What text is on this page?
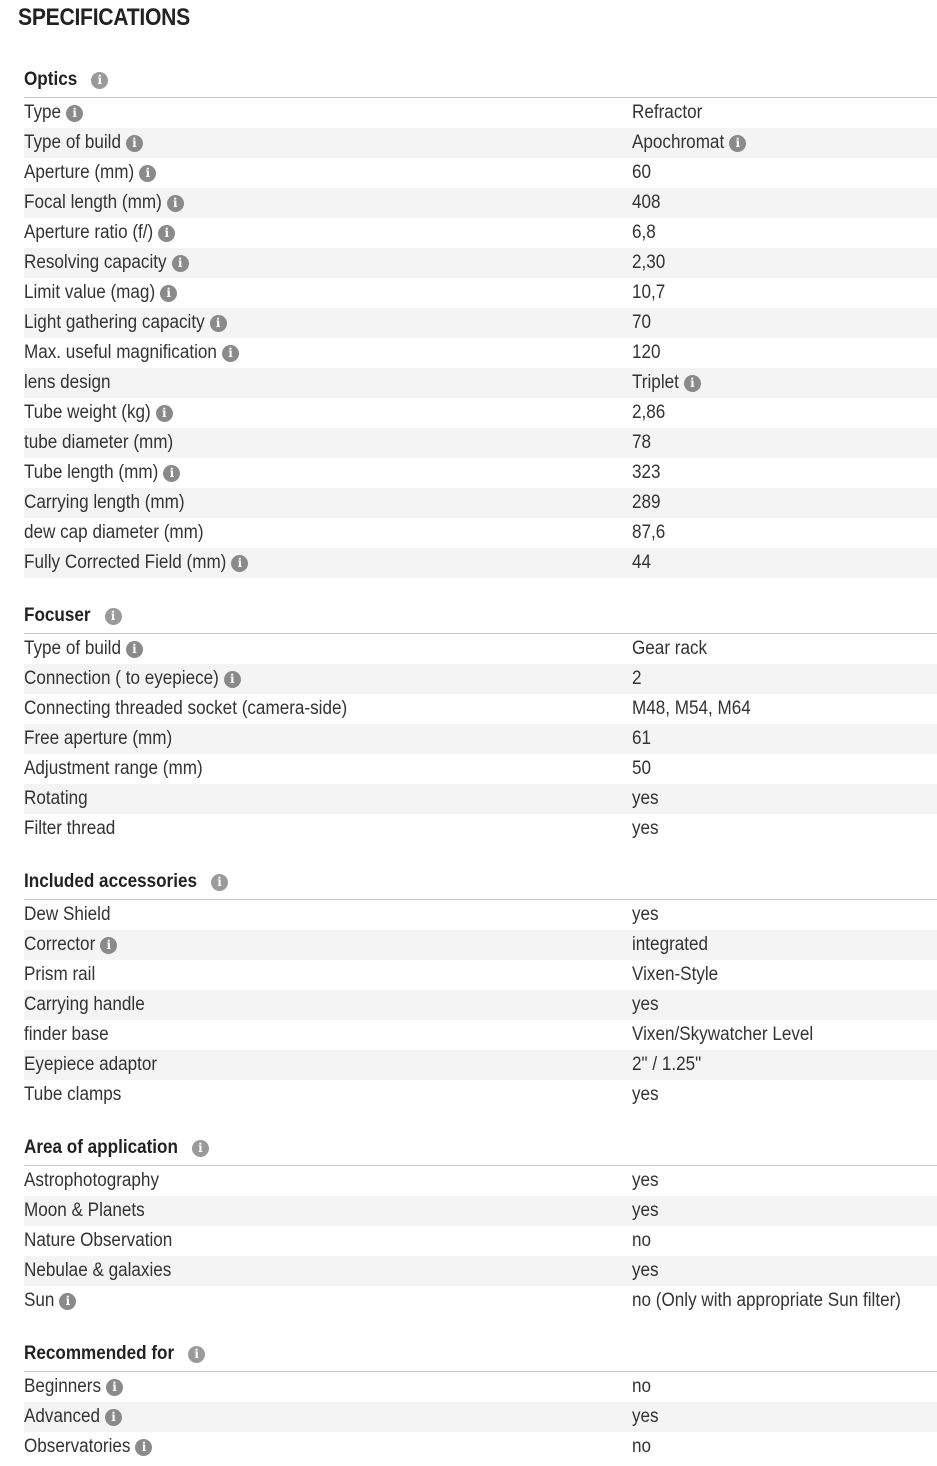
SPECIFICATIONS
Optics	i
Type i	Refractor
Type of build i	Apochromat i
Aperture (mm) i	60
Focal length (mm) i	408
Aperture ratio (f/) i	6,8
Resolving capacity i	2,30
Limit value (mag) i	10,7
Light gathering capacity i	70
Max. useful magnification i	120
lens design	Triplet i
Tube weight (kg) i	2,86
tube diameter (mm)	78
Tube length (mm) i	323
Carrying length (mm)	289
dew cap diameter (mm)	87,6
Fully Corrected Field (mm) i	44
Focuser	i
Type of build i	Gear rack
Connection ( to eyepiece) i	2
Connecting threaded socket (camera-side)	M48, M54, M64
Free aperture (mm)	61
Adjustment range (mm)	50
Rotating	yes
Filter thread	yes
Included accessories	i
Dew Shield	yes
Corrector i	integrated
Prism rail	Vixen-Style
Carrying handle	yes
finder base	Vixen/Skywatcher Level
Eyepiece adaptor	2" / 1.25"
Tube clamps	yes
Area of application	i
Astrophotography	yes
Moon & Planets	yes
Nature Observation	no
Nebulae & galaxies	yes
Sun i	no (Only with appropriate Sun filter)
Recommended for	i
Beginners i	no
Advanced i	yes
Observatories i	no
